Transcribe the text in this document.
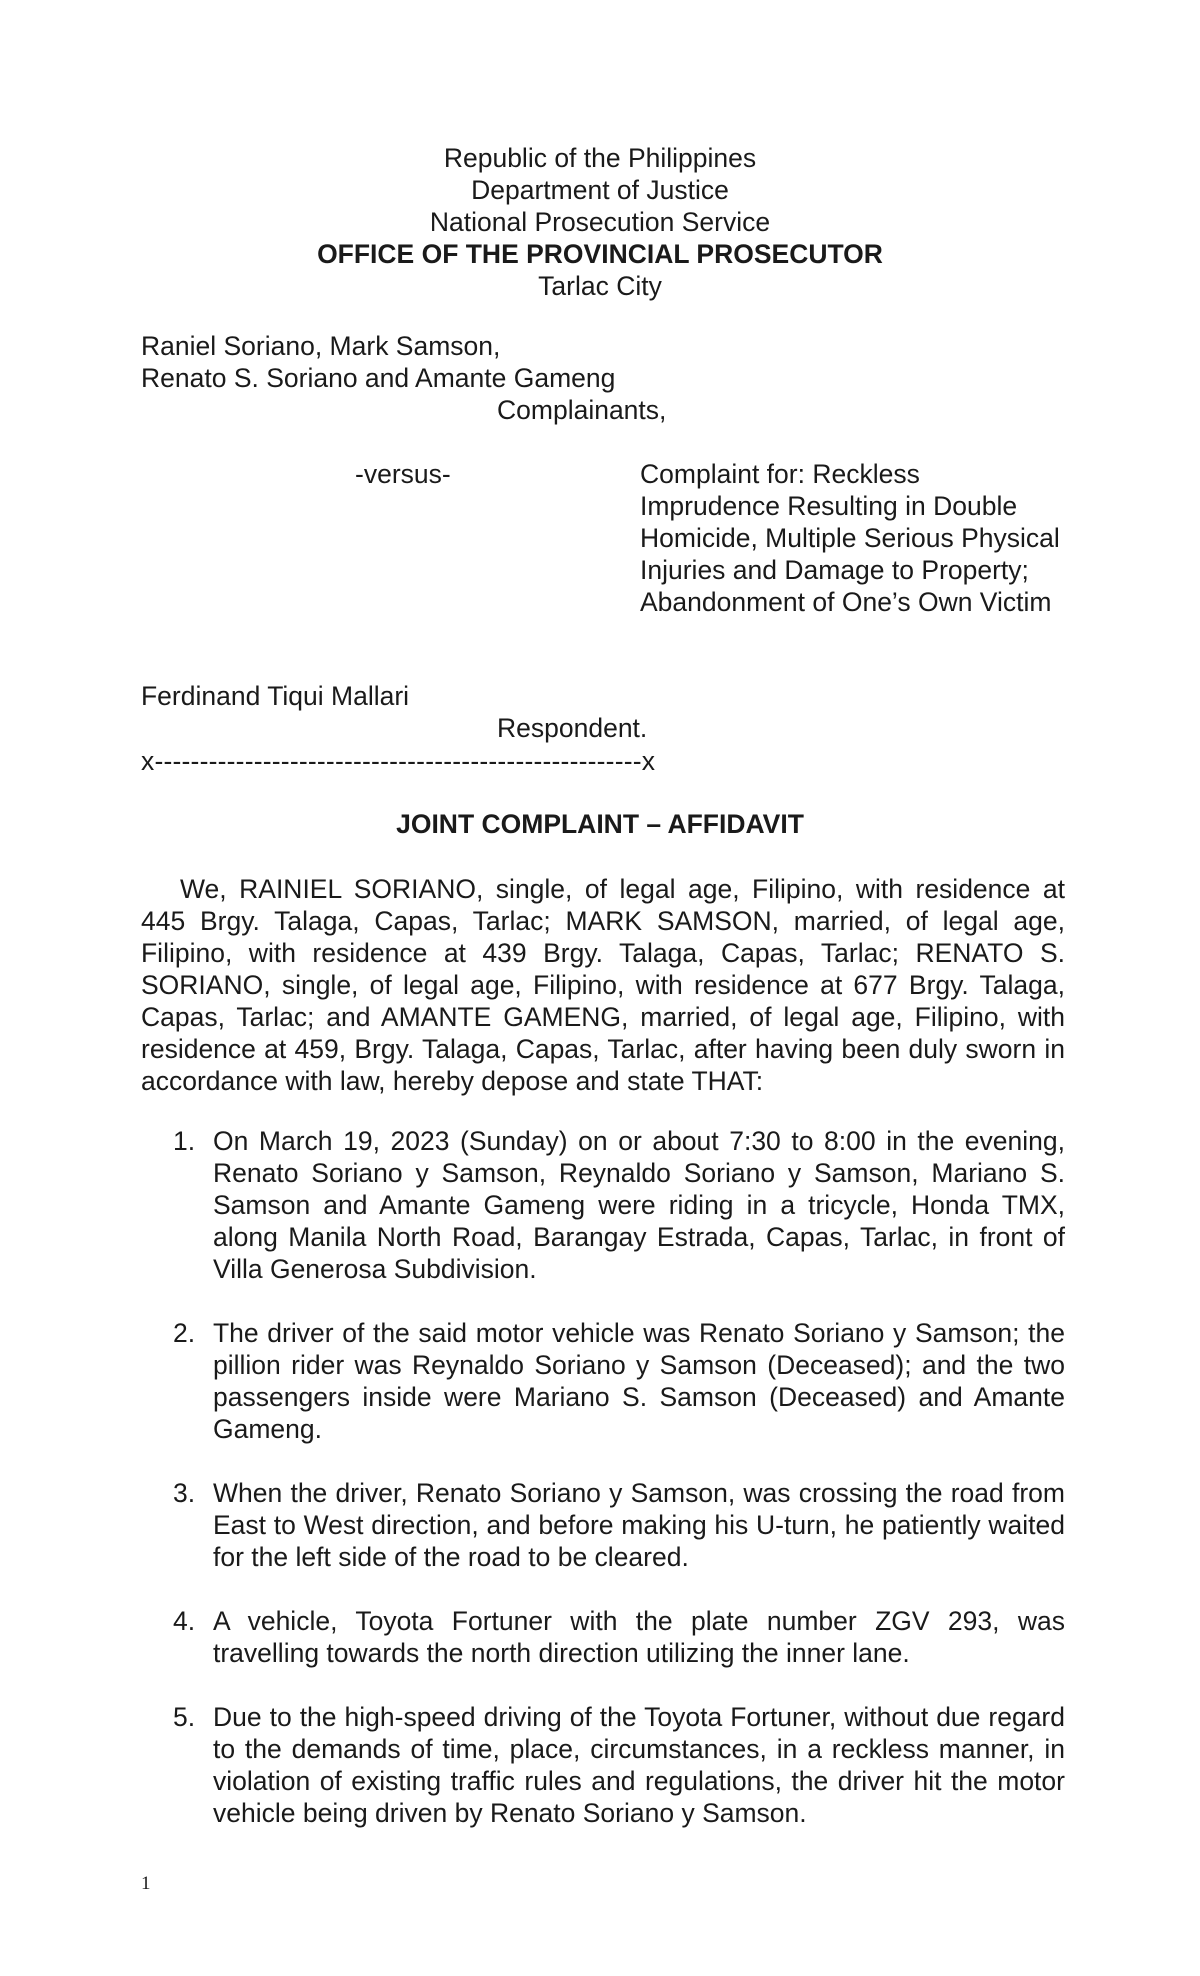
Republic of the Philippines
Department of Justice
National Prosecution Service
OFFICE OF THE PROVINCIAL PROSECUTOR
Tarlac City
Raniel Soriano, Mark Samson,
Renato S. Soriano and Amante Gameng
Complainants,
-versus-	Complaint for: Reckless Imprudence Resulting in Double Homicide, Multiple Serious Physical Injuries and Damage to Property; Abandonment of One’s Own Victim
Ferdinand Tiqui Mallari
Respondent.
x------------------------------------------------------x
JOINT COMPLAINT – AFFIDAVIT
We, RAINIEL SORIANO, single, of legal age, Filipino, with residence at 445 Brgy. Talaga, Capas, Tarlac; MARK SAMSON, married, of legal age, Filipino, with residence at 439 Brgy. Talaga, Capas, Tarlac; RENATO S. SORIANO, single, of legal age, Filipino, with residence at 677 Brgy. Talaga, Capas, Tarlac; and AMANTE GAMENG, married, of legal age, Filipino, with residence at 459, Brgy. Talaga, Capas, Tarlac, after having been duly sworn in accordance with law, hereby depose and state THAT:
1. On March 19, 2023 (Sunday) on or about 7:30 to 8:00 in the evening, Renato Soriano y Samson, Reynaldo Soriano y Samson, Mariano S. Samson and Amante Gameng were riding in a tricycle, Honda TMX, along Manila North Road, Barangay Estrada, Capas, Tarlac, in front of Villa Generosa Subdivision.
2. The driver of the said motor vehicle was Renato Soriano y Samson; the pillion rider was Reynaldo Soriano y Samson (Deceased); and the two passengers inside were Mariano S. Samson (Deceased) and Amante Gameng.
3. When the driver, Renato Soriano y Samson, was crossing the road from East to West direction, and before making his U-turn, he patiently waited for the left side of the road to be cleared.
4. A vehicle, Toyota Fortuner with the plate number ZGV 293, was travelling towards the north direction utilizing the inner lane.
5. Due to the high-speed driving of the Toyota Fortuner, without due regard to the demands of time, place, circumstances, in a reckless manner, in violation of existing traffic rules and regulations, the driver hit the motor vehicle being driven by Renato Soriano y Samson.
1
